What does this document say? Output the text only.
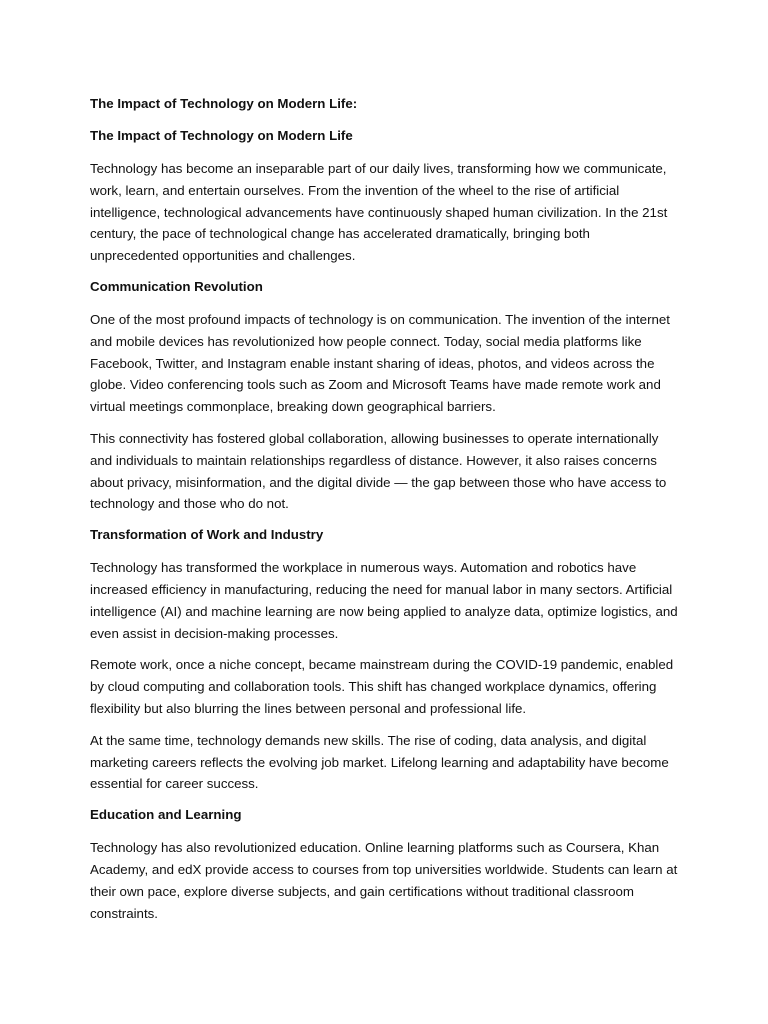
The Impact of Technology on Modern Life:

The Impact of Technology on Modern Life

Technology has become an inseparable part of our daily lives, transforming how we communicate, work, learn, and entertain ourselves. From the invention of the wheel to the rise of artificial intelligence, technological advancements have continuously shaped human civilization. In the 21st century, the pace of technological change has accelerated dramatically, bringing both unprecedented opportunities and challenges.

Communication Revolution

One of the most profound impacts of technology is on communication. The invention of the internet and mobile devices has revolutionized how people connect. Today, social media platforms like Facebook, Twitter, and Instagram enable instant sharing of ideas, photos, and videos across the globe. Video conferencing tools such as Zoom and Microsoft Teams have made remote work and virtual meetings commonplace, breaking down geographical barriers.

This connectivity has fostered global collaboration, allowing businesses to operate internationally and individuals to maintain relationships regardless of distance. However, it also raises concerns about privacy, misinformation, and the digital divide — the gap between those who have access to technology and those who do not.

Transformation of Work and Industry

Technology has transformed the workplace in numerous ways. Automation and robotics have increased efficiency in manufacturing, reducing the need for manual labor in many sectors. Artificial intelligence (AI) and machine learning are now being applied to analyze data, optimize logistics, and even assist in decision-making processes.

Remote work, once a niche concept, became mainstream during the COVID-19 pandemic, enabled by cloud computing and collaboration tools. This shift has changed workplace dynamics, offering flexibility but also blurring the lines between personal and professional life.

At the same time, technology demands new skills. The rise of coding, data analysis, and digital marketing careers reflects the evolving job market. Lifelong learning and adaptability have become essential for career success.

Education and Learning

Technology has also revolutionized education. Online learning platforms such as Coursera, Khan Academy, and edX provide access to courses from top universities worldwide. Students can learn at their own pace, explore diverse subjects, and gain certifications without traditional classroom constraints.
